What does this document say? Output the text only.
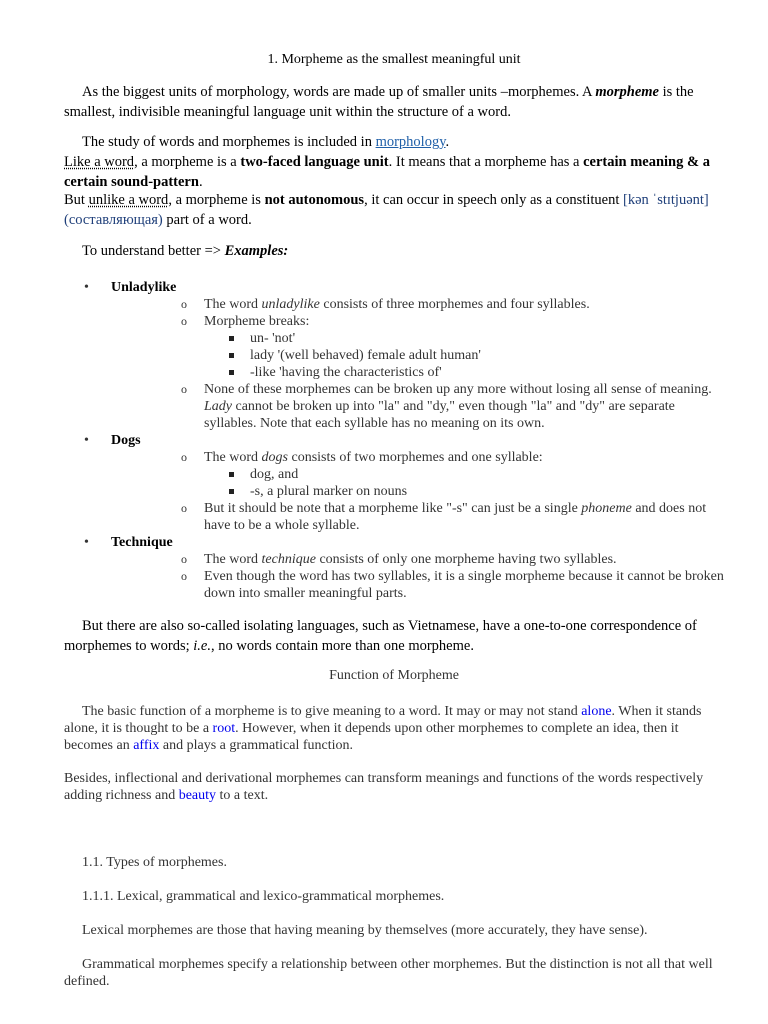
1. Morpheme as the smallest meaningful unit
As the biggest units of morphology, words are made up of smaller units –morphemes. A morpheme is the smallest, indivisible meaningful language unit within the structure of a word.
The study of words and morphemes is included in morphology.
Like a word, a morpheme is a two-faced language unit. It means that a morpheme has a certain meaning & a certain sound-pattern.
But unlike a word, a morpheme is not autonomous, it can occur in speech only as a constituent [kən ˈstɪtjuənt] (составляющая) part of a word.
To understand better => Examples:
• Unladylike
o The word unladylike consists of three morphemes and four syllables.
o Morpheme breaks:
un- 'not'
lady '(well behaved) female adult human'
-like 'having the characteristics of'
o None of these morphemes can be broken up any more without losing all sense of meaning. Lady cannot be broken up into "la" and "dy," even though "la" and "dy" are separate syllables. Note that each syllable has no meaning on its own.
• Dogs
o The word dogs consists of two morphemes and one syllable:
dog, and
-s, a plural marker on nouns
o But it should be note that a morpheme like "-s" can just be a single phoneme and does not have to be a whole syllable.
• Technique
o The word technique consists of only one morpheme having two syllables.
o Even though the word has two syllables, it is a single morpheme because it cannot be broken down into smaller meaningful parts.
But there are also so-called isolating languages, such as Vietnamese, have a one-to-one correspondence of morphemes to words; i.e., no words contain more than one morpheme.
Function of Morpheme
The basic function of a morpheme is to give meaning to a word. It may or may not stand alone. When it stands alone, it is thought to be a root. However, when it depends upon other morphemes to complete an idea, then it becomes an affix and plays a grammatical function.
Besides, inflectional and derivational morphemes can transform meanings and functions of the words respectively adding richness and beauty to a text.
1.1. Types of morphemes.
1.1.1. Lexical, grammatical and lexico-grammatical morphemes.
Lexical morphemes are those that having meaning by themselves (more accurately, they have sense).
Grammatical morphemes specify a relationship between other morphemes. But the distinction is not all that well defined.
